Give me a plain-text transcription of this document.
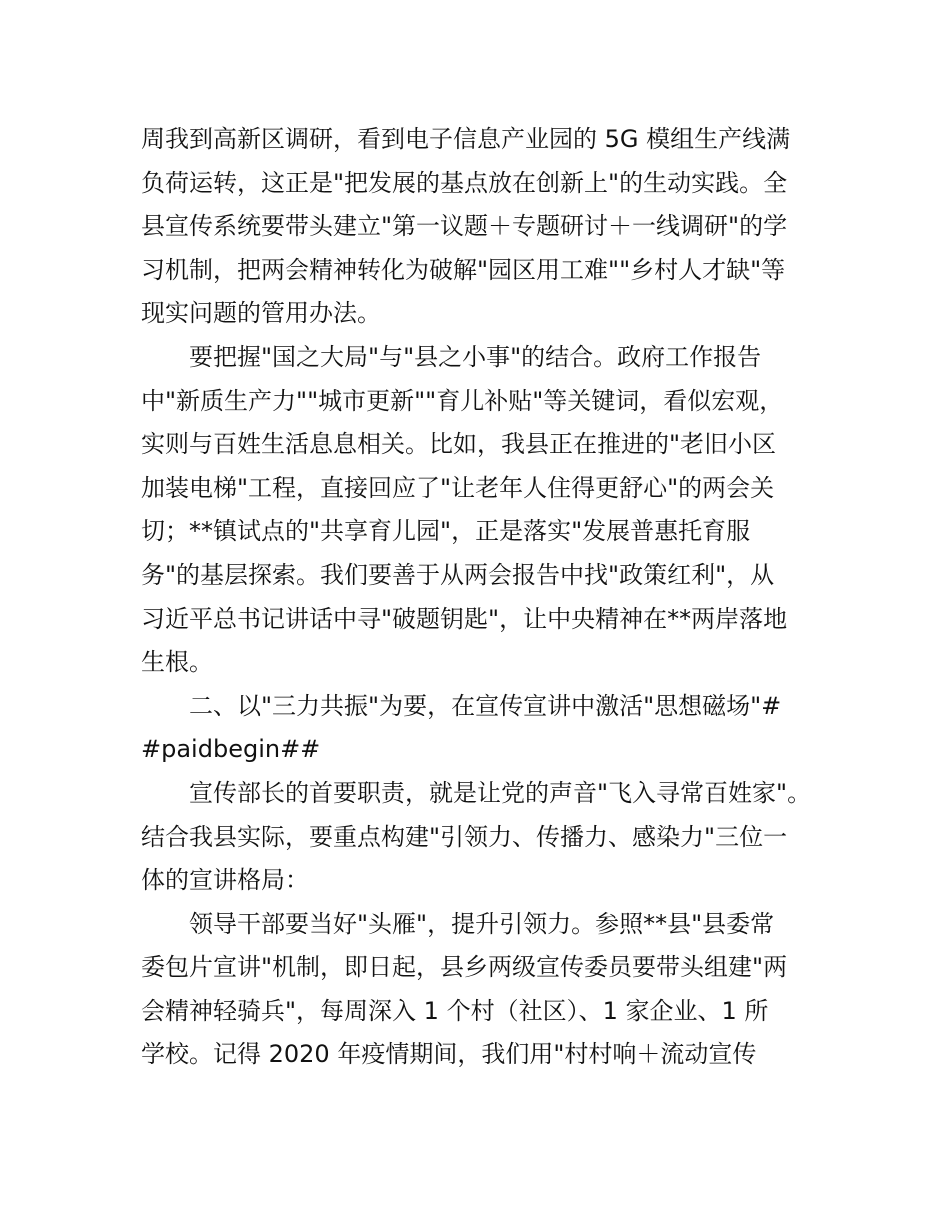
周我到高新区调研，看到电子信息产业园的 5G 模组生产线满
负荷运转，这正是"把发展的基点放在创新上"的生动实践。全
县宣传系统要带头建立"第一议题＋专题研讨＋一线调研"的学
习机制，把两会精神转化为破解"园区用工难""乡村人才缺"等
现实问题的管用办法。
要把握"国之大局"与"县之小事"的结合。政府工作报告
中"新质生产力""城市更新""育儿补贴"等关键词，看似宏观，
实则与百姓生活息息相关。比如，我县正在推进的"老旧小区
加装电梯"工程，直接回应了"让老年人住得更舒心"的两会关
切；**镇试点的"共享育儿园"，正是落实"发展普惠托育服
务"的基层探索。我们要善于从两会报告中找"政策红利"，从
习近平总书记讲话中寻"破题钥匙"，让中央精神在**两岸落地
生根。
二、以"三力共振"为要，在宣传宣讲中激活"思想磁场"#
#paidbegin##
宣传部长的首要职责，就是让党的声音"飞入寻常百姓家"。
结合我县实际，要重点构建"引领力、传播力、感染力"三位一
体的宣讲格局：
领导干部要当好"头雁"，提升引领力。参照**县"县委常
委包片宣讲"机制，即日起，县乡两级宣传委员要带头组建"两
会精神轻骑兵"，每周深入 1 个村（社区）、1 家企业、1 所
学校。记得 2020 年疫情期间，我们用"村村响＋流动宣传
